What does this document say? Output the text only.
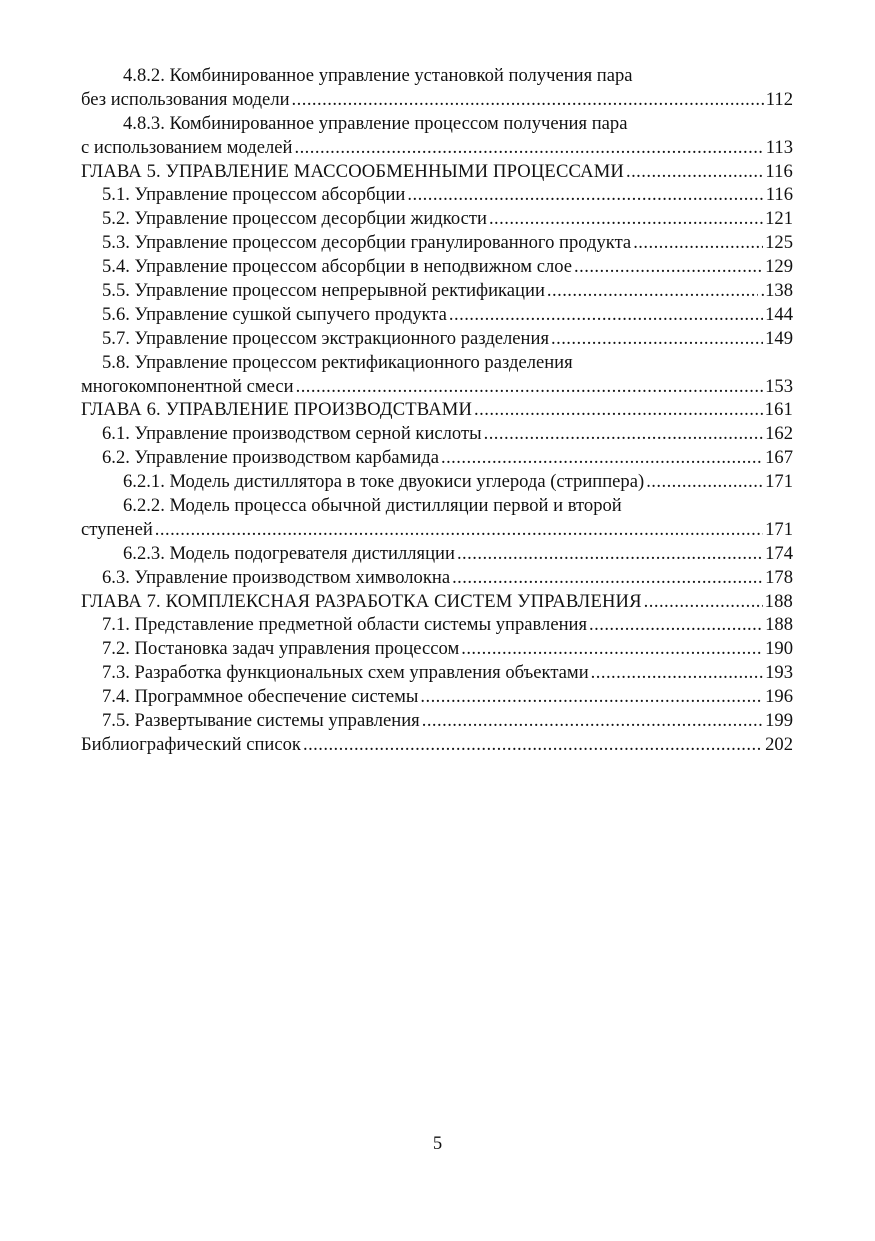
4.8.2. Комбинированное управление установкой получения пара
без использования модели . . .	112
4.8.3. Комбинированное управление процессом получения пара
с использованием моделей . . .	113
ГЛАВА 5. УПРАВЛЕНИЕ МАССООБМЕННЫМИ ПРОЦЕССАМИ . . .	116
5.1. Управление процессом абсорбции . . .	116
5.2. Управление процессом десорбции жидкости . . .	121
5.3. Управление процессом десорбции гранулированного продукта . . .	125
5.4. Управление процессом абсорбции в неподвижном слое . . .	129
5.5. Управление процессом непрерывной ректификации . . .	.138
5.6. Управление сушкой сыпучего продукта . . .	144
5.7. Управление процессом экстракционного разделения . . .	149
5.8. Управление процессом ректификационного разделения
многокомпонентной смеси . . .	153
ГЛАВА 6. УПРАВЛЕНИЕ ПРОИЗВОДСТВАМИ . . .	161
6.1. Управление производством серной кислоты . . .	162
6.2. Управление производством карбамида . . .	167
6.2.1. Модель дистиллятора в токе двуокиси углерода (стриппера) . . .	171
6.2.2. Модель процесса обычной дистилляции первой и второй
ступеней . . .	171
6.2.3. Модель подогревателя дистилляции . . .	174
6.3. Управление производством химволокна . . .	178
ГЛАВА 7. КОМПЛЕКСНАЯ РАЗРАБОТКА СИСТЕМ УПРАВЛЕНИЯ . . .	188
7.1. Представление предметной области системы управления . . .	188
7.2. Постановка задач управления процессом . . .	190
7.3. Разработка функциональных схем управления объектами . . .	193
7.4. Программное обеспечение системы . . .	196
7.5. Развертывание системы управления . . .	199
Библиографический список . . .	202
5
